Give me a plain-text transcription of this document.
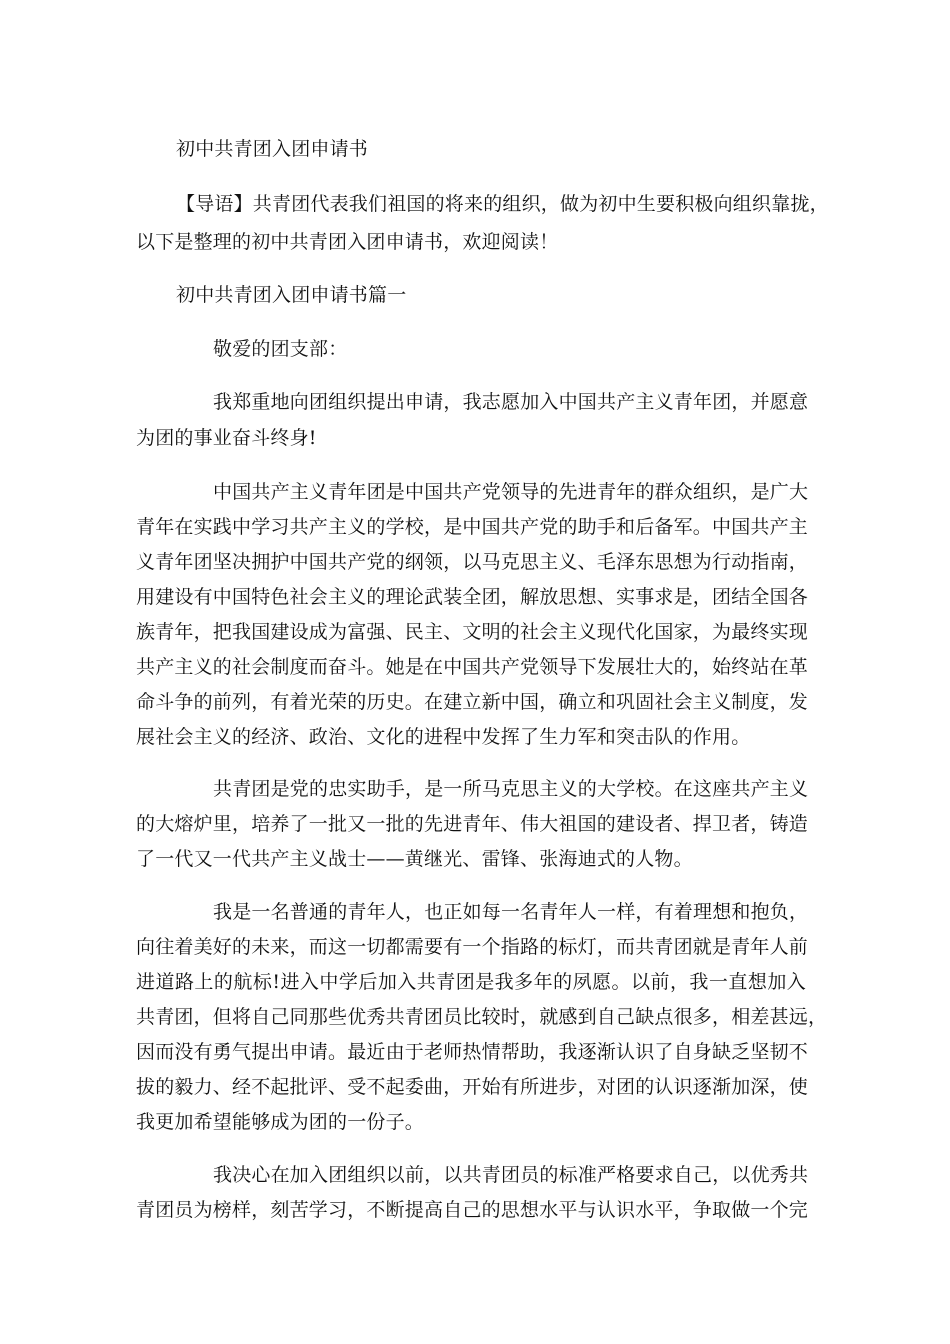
初中共青团入团申请书
【导语】共青团代表我们祖国的将来的组织，做为初中生要积极向组织靠拢，
以下是整理的初中共青团入团申请书，欢迎阅读！
初中共青团入团申请书篇一
敬爱的团支部：
我郑重地向团组织提出申请，我志愿加入中国共产主义青年团，并愿意
为团的事业奋斗终身!
中国共产主义青年团是中国共产党领导的先进青年的群众组织，是广大
青年在实践中学习共产主义的学校，是中国共产党的助手和后备军。中国共产主
义青年团坚决拥护中国共产党的纲领，以马克思主义、毛泽东思想为行动指南，
用建设有中国特色社会主义的理论武装全团，解放思想、实事求是，团结全国各
族青年，把我国建设成为富强、民主、文明的社会主义现代化国家，为最终实现
共产主义的社会制度而奋斗。她是在中国共产党领导下发展壮大的，始终站在革
命斗争的前列，有着光荣的历史。在建立新中国，确立和巩固社会主义制度，发
展社会主义的经济、政治、文化的进程中发挥了生力军和突击队的作用。
共青团是党的忠实助手，是一所马克思主义的大学校。在这座共产主义
的大熔炉里，培养了一批又一批的先进青年、伟大祖国的建设者、捍卫者，铸造
了一代又一代共产主义战士——黄继光、雷锋、张海迪式的人物。
我是一名普通的青年人，也正如每一名青年人一样，有着理想和抱负，
向往着美好的未来，而这一切都需要有一个指路的标灯，而共青团就是青年人前
进道路上的航标!进入中学后加入共青团是我多年的夙愿。以前，我一直想加入
共青团，但将自己同那些优秀共青团员比较时，就感到自己缺点很多，相差甚远，
因而没有勇气提出申请。最近由于老师热情帮助，我逐渐认识了自身缺乏坚韧不
拔的毅力、经不起批评、受不起委曲，开始有所进步，对团的认识逐渐加深，使
我更加希望能够成为团的一份子。
我决心在加入团组织以前，以共青团员的标准严格要求自己，以优秀共
青团员为榜样，刻苦学习，不断提高自己的思想水平与认识水平，争取做一个完
